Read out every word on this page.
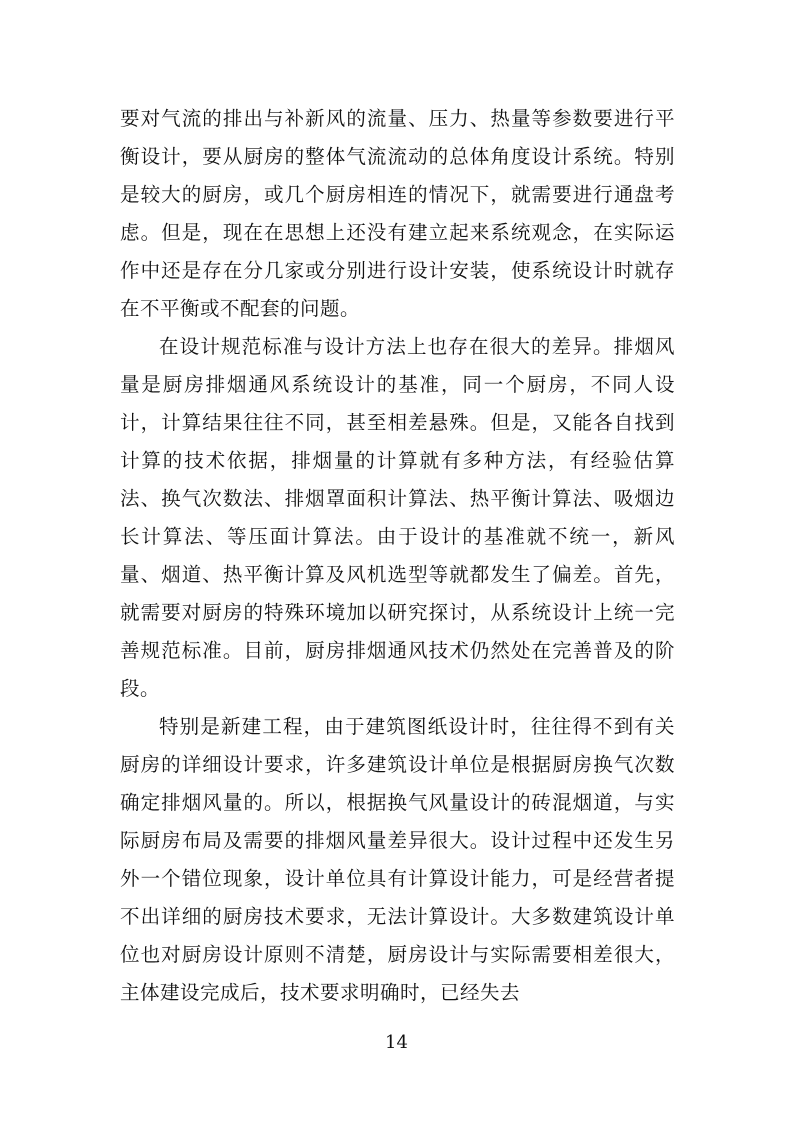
要对气流的排出与补新风的流量、压力、热量等参数要进行平衡设计，要从厨房的整体气流流动的总体角度设计系统。特别是较大的厨房，或几个厨房相连的情况下，就需要进行通盘考虑。但是，现在在思想上还没有建立起来系统观念，在实际运作中还是存在分几家或分别进行设计安装，使系统设计时就存在不平衡或不配套的问题。

在设计规范标准与设计方法上也存在很大的差异。排烟风量是厨房排烟通风系统设计的基准，同一个厨房，不同人设计，计算结果往往不同，甚至相差悬殊。但是，又能各自找到计算的技术依据，排烟量的计算就有多种方法，有经验估算法、换气次数法、排烟罩面积计算法、热平衡计算法、吸烟边长计算法、等压面计算法。由于设计的基准就不统一，新风量、烟道、热平衡计算及风机选型等就都发生了偏差。首先，就需要对厨房的特殊环境加以研究探讨，从系统设计上统一完善规范标准。目前，厨房排烟通风技术仍然处在完善普及的阶段。

特别是新建工程，由于建筑图纸设计时，往往得不到有关厨房的详细设计要求，许多建筑设计单位是根据厨房换气次数确定排烟风量的。所以，根据换气风量设计的砖混烟道，与实际厨房布局及需要的排烟风量差异很大。设计过程中还发生另外一个错位现象，设计单位具有计算设计能力，可是经营者提不出详细的厨房技术要求，无法计算设计。大多数建筑设计单位也对厨房设计原则不清楚，厨房设计与实际需要相差很大，主体建设完成后，技术要求明确时，已经失去

14
